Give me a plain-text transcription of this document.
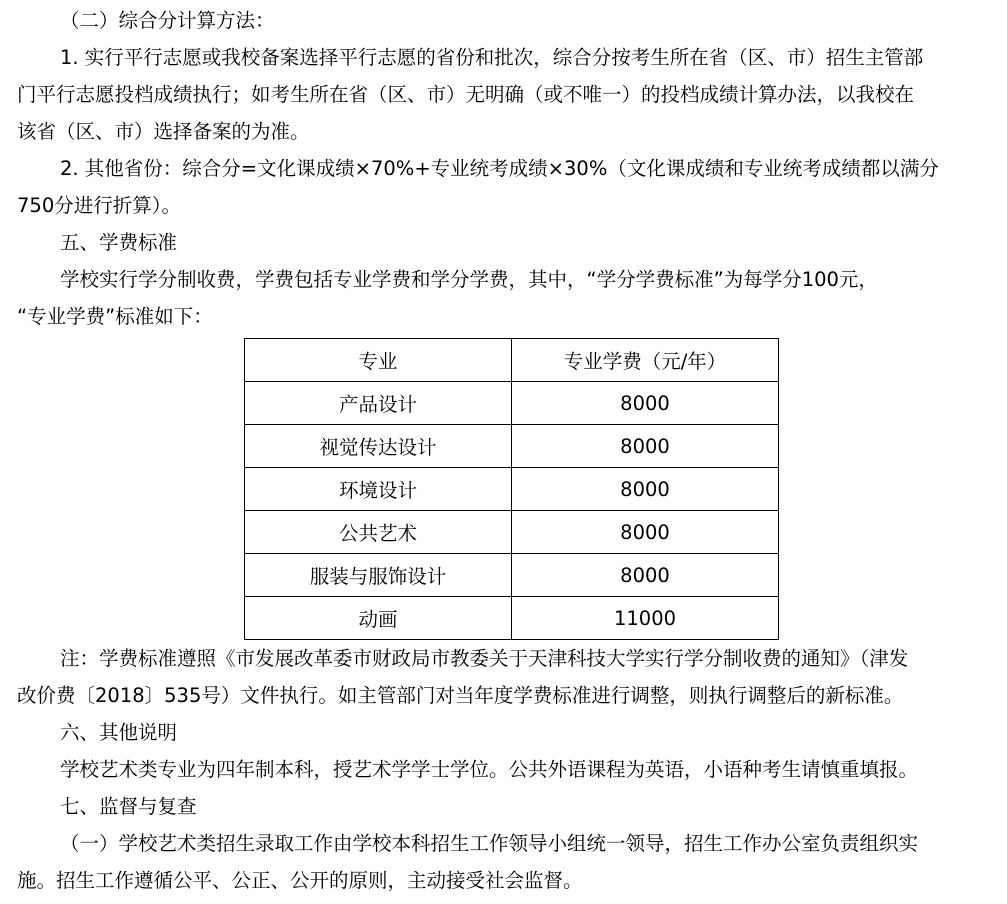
（二）综合分计算方法：

1. 实行平行志愿或我校备案选择平行志愿的省份和批次，综合分按考生所在省（区、市）招生主管部

门平行志愿投档成绩执行；如考生所在省（区、市）无明确（或不唯一）的投档成绩计算办法，以我校在

该省（区、市）选择备案的为准。

2. 其他省份：综合分=文化课成绩×70%+专业统考成绩×30%（文化课成绩和专业统考成绩都以满分

750分进行折算）。

五、学费标准

学校实行学分制收费，学费包括专业学费和学分学费，其中，“学分学费标准”为每学分100元，

“专业学费”标准如下：

专业	专业学费（元/年）
产品设计	8000
视觉传达设计	8000
环境设计	8000
公共艺术	8000
服装与服饰设计	8000
动画	11000

注：学费标准遵照《市发展改革委市财政局市教委关于天津科技大学实行学分制收费的通知》（津发

改价费〔2018〕535号）文件执行。如主管部门对当年度学费标准进行调整，则执行调整后的新标准。

六、其他说明

学校艺术类专业为四年制本科，授艺术学学士学位。公共外语课程为英语，小语种考生请慎重填报。

七、监督与复查

（一）学校艺术类招生录取工作由学校本科招生工作领导小组统一领导，招生工作办公室负责组织实

施。招生工作遵循公平、公正、公开的原则，主动接受社会监督。
